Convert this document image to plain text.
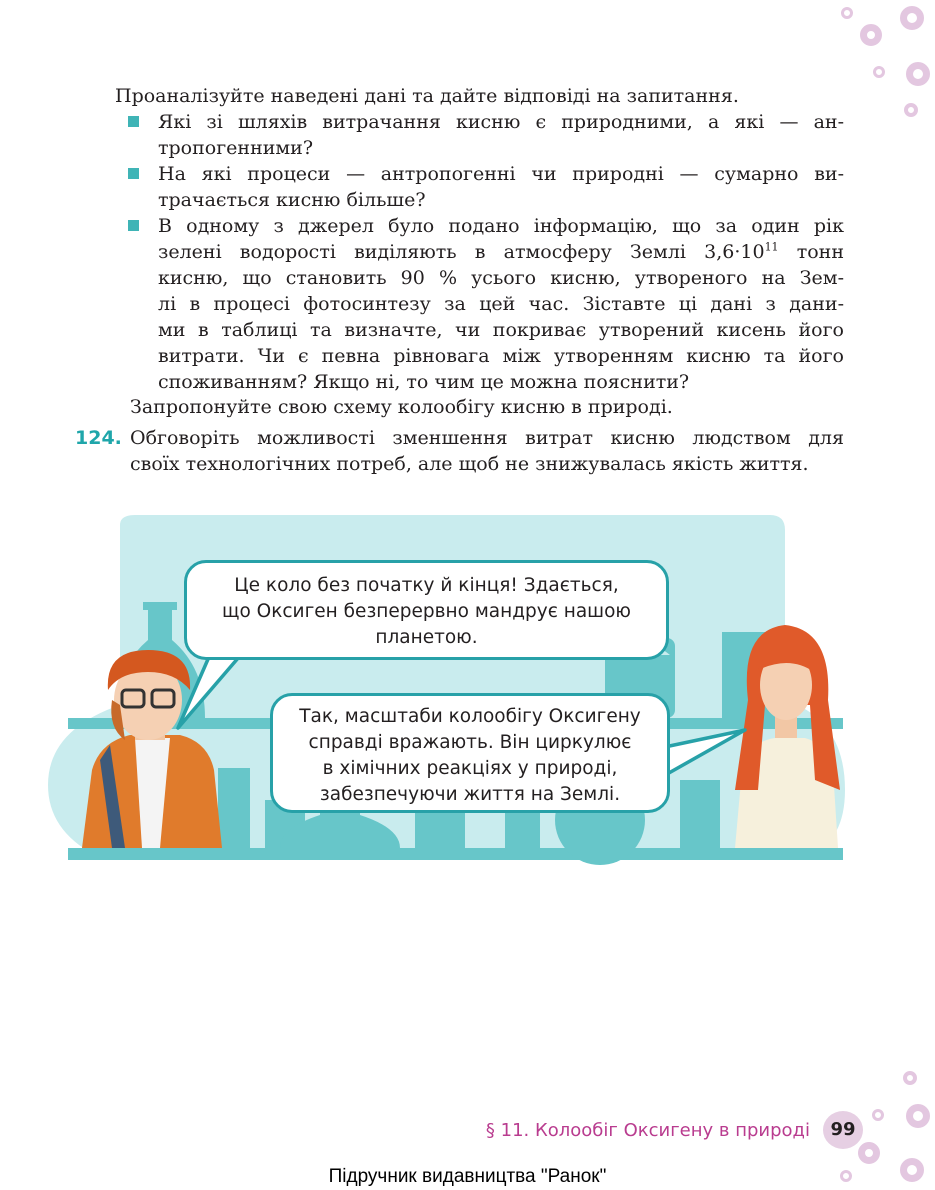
Проаналізуйте наведені дані та дайте відповіді на запитання.
Які зі шляхів витрачання кисню є природними, а які — ан-
тропогенними?
На які процеси — антропогенні чи природні — сумарно ви-
трачається кисню більше?
В одному з джерел було подано інформацію, що за один рік
зелені водорості виділяють в атмосферу Землі $3,6\cdot 10^{11}$ тонн
кисню, що становить 90 % усього кисню, утвореного на Зем-
лі в процесі фотосинтезу за цей час. Зіставте ці дані з дани-
ми в таблиці та визначте, чи покриває утворений кисень його
витрати. Чи є певна рівновага між утворенням кисню та його
споживанням? Якщо ні, то чим це можна пояснити?
Запропонуйте свою схему колообігу кисню в природі.
124. Обговоріть можливості зменшення витрат кисню людством для
своїх технологічних потреб, але щоб не знижувалась якість життя.
Це коло без початку й кінця! Здається,
що Оксиген безперервно мандрує нашою
планетою.
Так, масштаби колообігу Оксигену
справді вражають. Він циркулює
в хімічних реакціях у природі,
забезпечуючи життя на Землі.
§ 11. Колообіг Оксигену в природі	99
Підручник видавництва "Ранок"
